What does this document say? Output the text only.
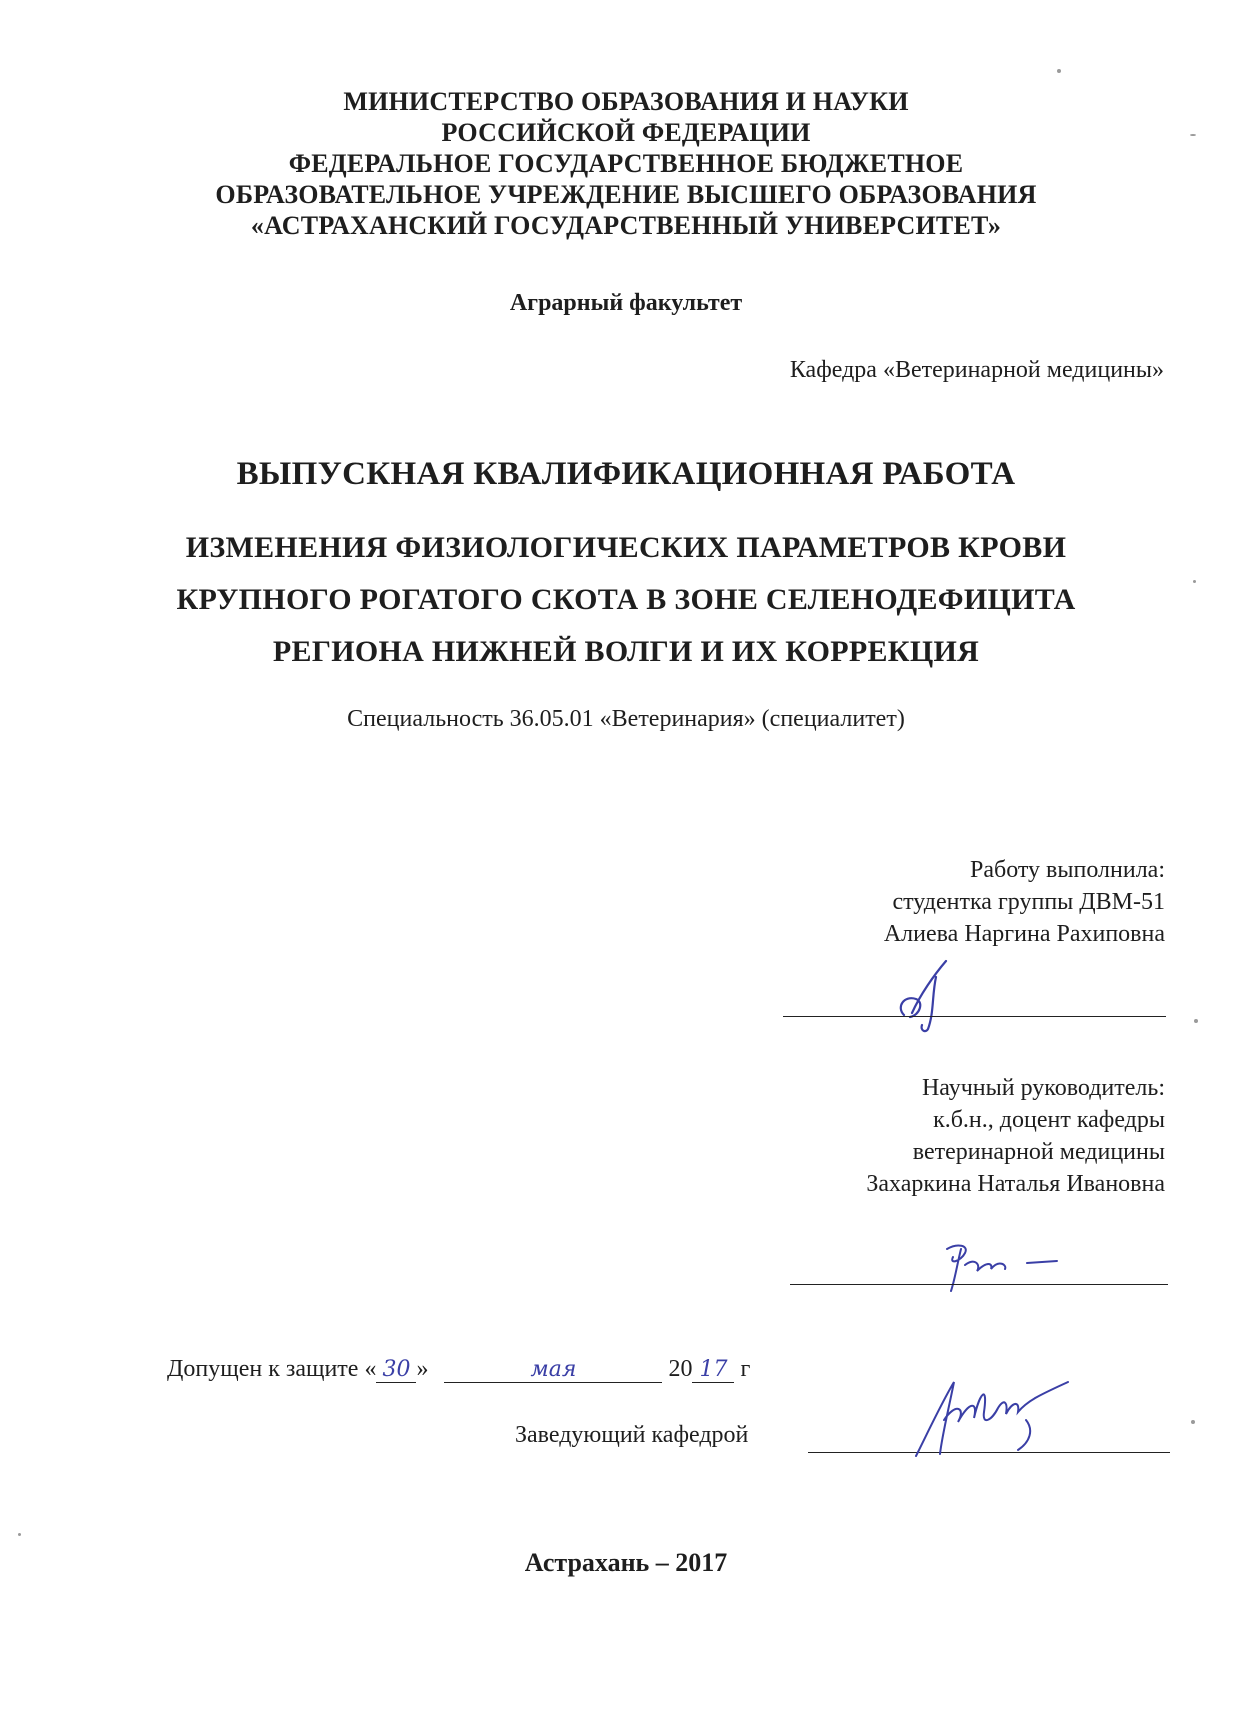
МИНИСТЕРСТВО ОБРАЗОВАНИЯ И НАУКИ
РОССИЙСКОЙ ФЕДЕРАЦИИ
ФЕДЕРАЛЬНОЕ ГОСУДАРСТВЕННОЕ БЮДЖЕТНОЕ
ОБРАЗОВАТЕЛЬНОЕ УЧРЕЖДЕНИЕ ВЫСШЕГО ОБРАЗОВАНИЯ
«АСТРАХАНСКИЙ ГОСУДАРСТВЕННЫЙ УНИВЕРСИТЕТ»
Аграрный факультет
Кафедра «Ветеринарной медицины»
ВЫПУСКНАЯ КВАЛИФИКАЦИОННАЯ РАБОТА
ИЗМЕНЕНИЯ ФИЗИОЛОГИЧЕСКИХ ПАРАМЕТРОВ КРОВИ
КРУПНОГО РОГАТОГО СКОТА В ЗОНЕ СЕЛЕНОДЕФИЦИТА
РЕГИОНА НИЖНЕЙ ВОЛГИ И ИХ КОРРЕКЦИЯ
Специальность 36.05.01 «Ветеринария» (специалитет)
Работу выполнила:
студентка группы ДВМ-51
Алиева Наргина Рахиповна
Научный руководитель:
к.б.н., доцент кафедры
ветеринарной медицины
Захаркина Наталья Ивановна
Допущен к защите « 30 »	мая	20 17 г
Заведующий кафедрой
Астрахань – 2017
